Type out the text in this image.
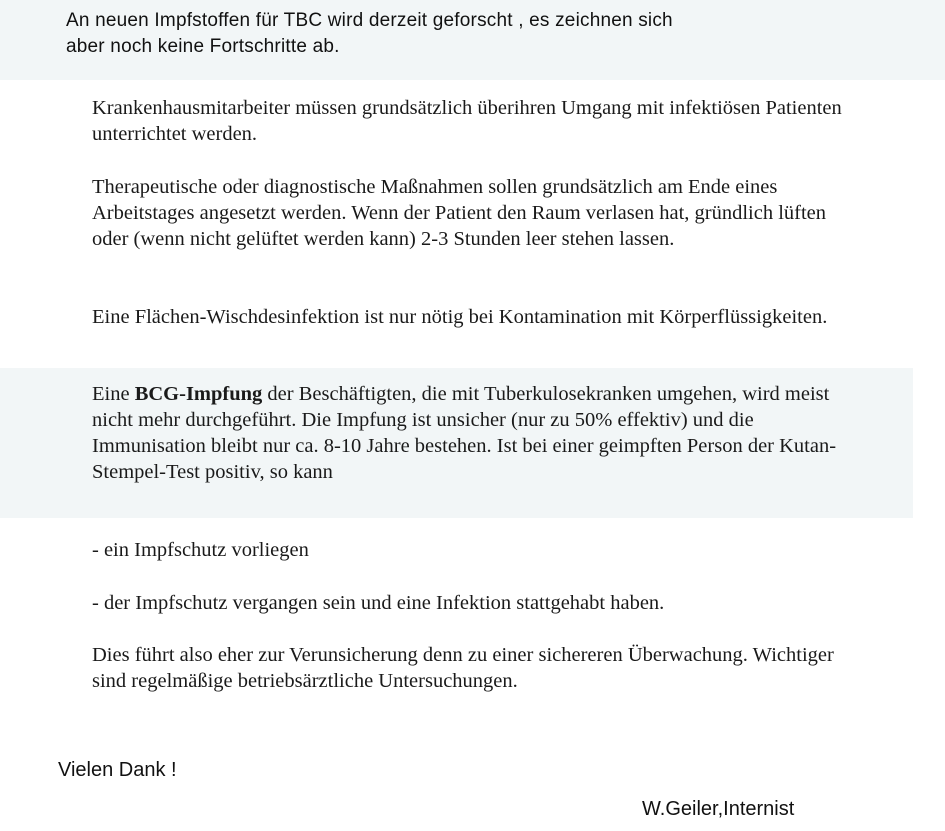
An neuen Impfstoffen für TBC wird derzeit geforscht , es zeichnen sich
aber noch keine Fortschritte ab.

Krankenhausmitarbeiter müssen grundsätzlich überihren Umgang mit infektiösen Patienten unterrichtet werden.

Therapeutische oder diagnostische Maßnahmen sollen grundsätzlich am Ende eines Arbeitstages angesetzt werden. Wenn der Patient den Raum verlasen hat, gründlich lüften oder (wenn nicht gelüftet werden kann) 2-3 Stunden leer stehen lassen.

Eine Flächen-Wischdesinfektion ist nur nötig bei Kontamination mit Körperflüssigkeiten.

Eine BCG-Impfung der Beschäftigten, die mit Tuberkulosekranken umgehen, wird meist nicht mehr durchgeführt. Die Impfung ist unsicher (nur zu 50% effektiv) und die Immunisation bleibt nur ca. 8-10 Jahre bestehen. Ist bei einer geimpften Person der Kutan-Stempel-Test positiv, so kann

- ein Impfschutz vorliegen

- der Impfschutz vergangen sein und eine Infektion stattgehabt haben.

Dies führt also eher zur Verunsicherung denn zu einer sichereren Überwachung. Wichtiger sind regelmäßige betriebsärztliche Untersuchungen.

Vielen Dank !
W.Geiler,Internist
